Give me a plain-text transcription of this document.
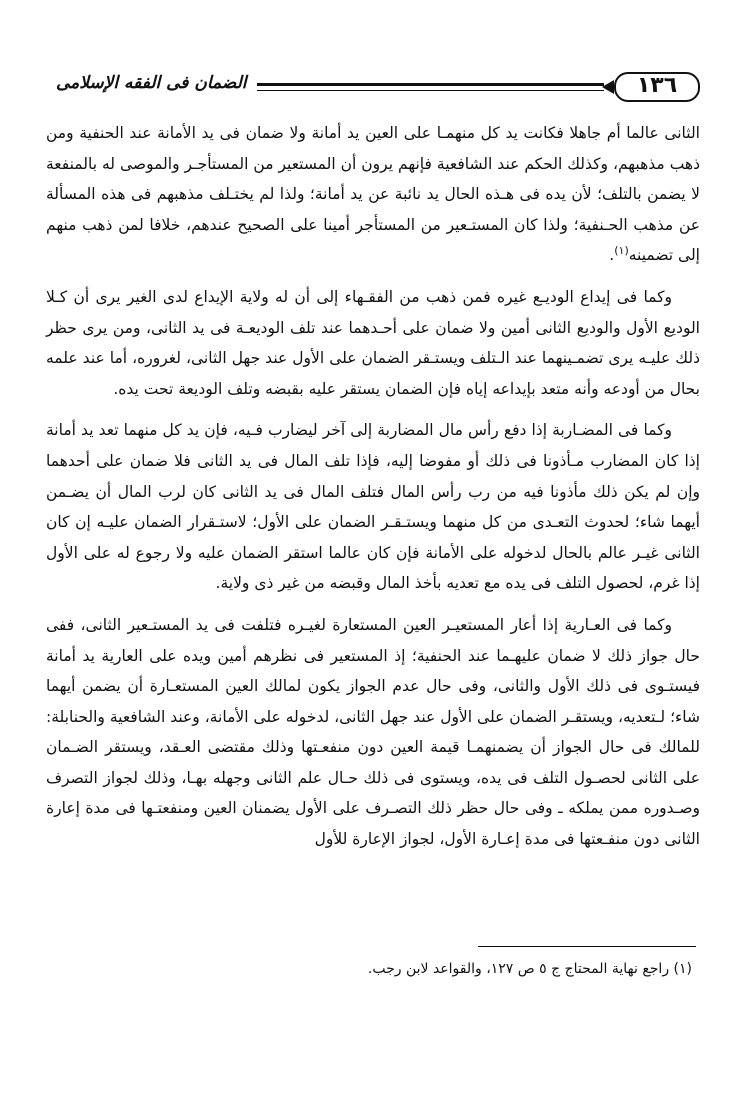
١٣٦
الضمان فى الفقه الإسلامى

الثانى عالما أم جاهلا فكانت يد كل منهمـا على العين يد أمانة ولا ضمان فى يد الأمانة عند الحنفية ومن ذهب مذهبهم، وكذلك الحكم عند الشافعية فإنهم يرون أن المستعير من المستأجـر والموصى له بالمنفعة لا يضمن بالتلف؛ لأن يده فى هـذه الحال يد نائبة عن يد أمانة؛ ولذا لم يختـلف مذهبهم فى هذه المسألة عن مذهب الحـنفية؛ ولذا كان المستـعير من المستأجر أمينا على الصحيح عندهم، خلافا لمن ذهب منهم إلى تضمينه$^{(١)}$.

وكما فى إيداع الوديـع غيره فمن ذهب من الفقـهاء إلى أن له ولاية الإيداع لدى الغير يرى أن كـلا الوديع الأول والوديع الثانى أمين ولا ضمان على أحـدهما عند تلف الوديعـة فى يد الثانى، ومن يرى حظر ذلك عليـه يرى تضمـينهما عند الـتلف ويستـقر الضمان على الأول عند جهل الثانى، لغروره، أما عند علمه بحال من أودعه وأنه متعد بإيداعه إياه فإن الضمان يستقر عليه بقبضه وتلف الوديعة تحت يده.

وكما فى المضـاربة إذا دفع رأس مال المضاربة إلى آخر ليضارب فـيه، فإن يد كل منهما تعد يد أمانة إذا كان المضارب مـأذونا فى ذلك أو مفوضا إليه، فإذا تلف المال فى يد الثانى فلا ضمان على أحدهما وإن لم يكن ذلك مأذونا فيه من رب رأس المال فتلف المال فى يد الثانى كان لرب المال أن يضـمن أيهما شاء؛ لحدوث التعـدى من كل منهما ويستـقـر الضمان على الأول؛ لاستـقرار الضمان عليـه إن كان الثانى غيـر عالم بالحال لدخوله على الأمانة فإن كان عالما استقر الضمان عليه ولا رجوع له على الأول إذا غرم، لحصول التلف فى يده مع تعديه بأخذ المال وقبضه من غير ذى ولاية.

وكما فى العـارية إذا أعار المستعيـر العين المستعارة لغيـره فتلفت فى يد المستـعير الثانى، ففى حال جواز ذلك لا ضمان عليهـما عند الحنفية؛ إذ المستعير فى نظرهم أمين ويده على العارية يد أمانة فيستـوى فى ذلك الأول والثانى، وفى حال عدم الجواز يكون لمالك العين المستعـارة أن يضمن أيهما شاء؛ لـتعديه، ويستقـر الضمان على الأول عند جهل الثانى، لدخوله على الأمانة، وعند الشافعية والحنابلة: للمالك فى حال الجواز أن يضمنهمـا قيمة العين دون منفعـتها وذلك مقتضى العـقد، ويستقر الضـمان على الثانى لحصـول التلف فى يده، ويستوى فى ذلك حـال علم الثانى وجهله بهـا، وذلك لجواز التصرف وصـدوره ممن يملكه ـ وفى حال حظر ذلك التصـرف على الأول يضمنان العين ومنفعتـها فى مدة إعارة الثانى دون منفـعتها فى مدة إعـارة الأول، لجواز الإعارة للأول

(١) راجع نهاية المحتاج ج ٥ ص ١٢٧، والقواعد لابن رجب.
